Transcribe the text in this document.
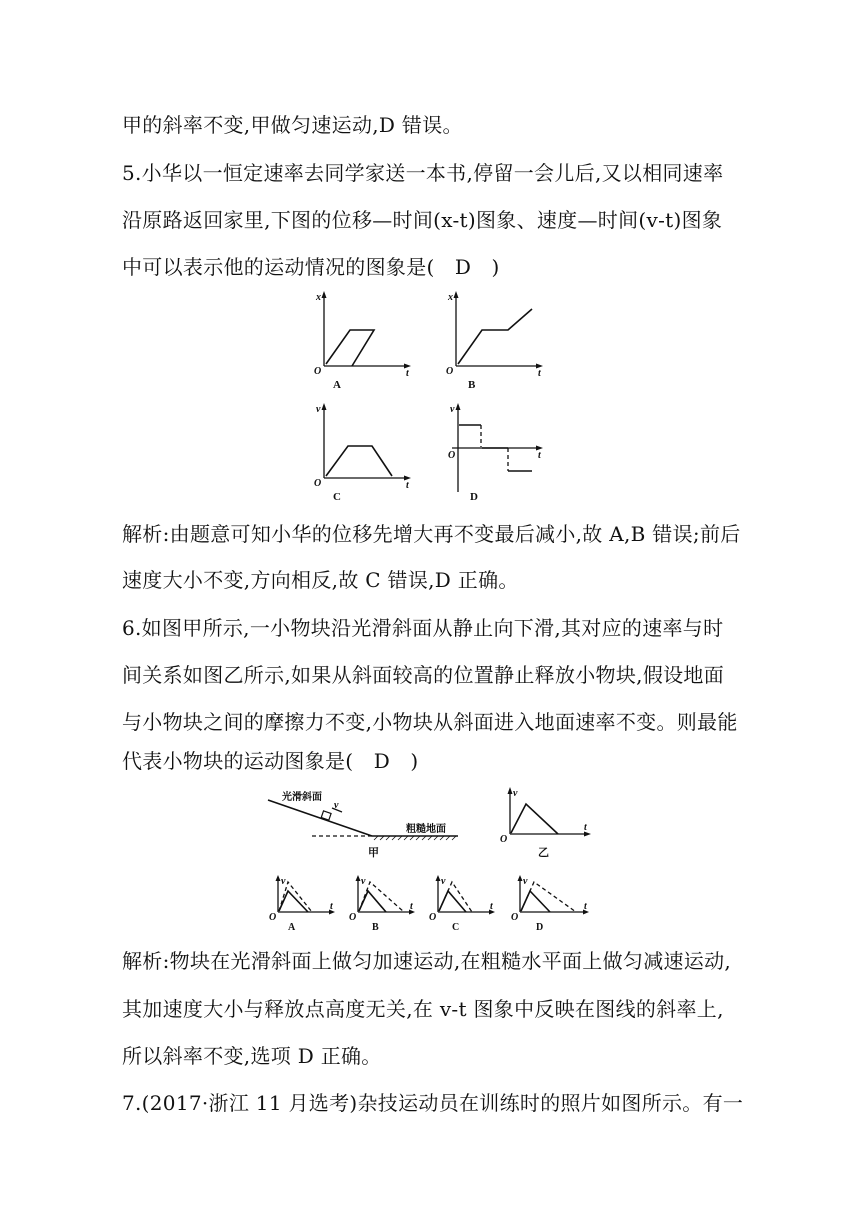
甲的斜率不变,甲做匀速运动,D 错误。
5.小华以一恒定速率去同学家送一本书,停留一会儿后,又以相同速率
沿原路返回家里,下图的位移—时间(x-t)图象、速度—时间(v-t)图象
中可以表示他的运动情况的图象是(　D　)
x
t
O
A
x
t
O
B
v
t
O
C
v
t
O
D
解析:由题意可知小华的位移先增大再不变最后减小,故 A,B 错误;前后
速度大小不变,方向相反,故 C 错误,D 正确。
6.如图甲所示,一小物块沿光滑斜面从静止向下滑,其对应的速率与时
间关系如图乙所示,如果从斜面较高的位置静止释放小物块,假设地面
与小物块之间的摩擦力不变,小物块从斜面进入地面速率不变。则最能
代表小物块的运动图象是(　D　)
光滑斜面
v
粗糙地面
甲
v
t
O
乙
v
t
O
A
v
t
O
B
v
t
O
C
v
t
O
D
解析:物块在光滑斜面上做匀加速运动,在粗糙水平面上做匀减速运动,
其加速度大小与释放点高度无关,在 v-t 图象中反映在图线的斜率上,
所以斜率不变,选项 D 正确。
7.(2017·浙江 11 月选考)杂技运动员在训练时的照片如图所示。有一
